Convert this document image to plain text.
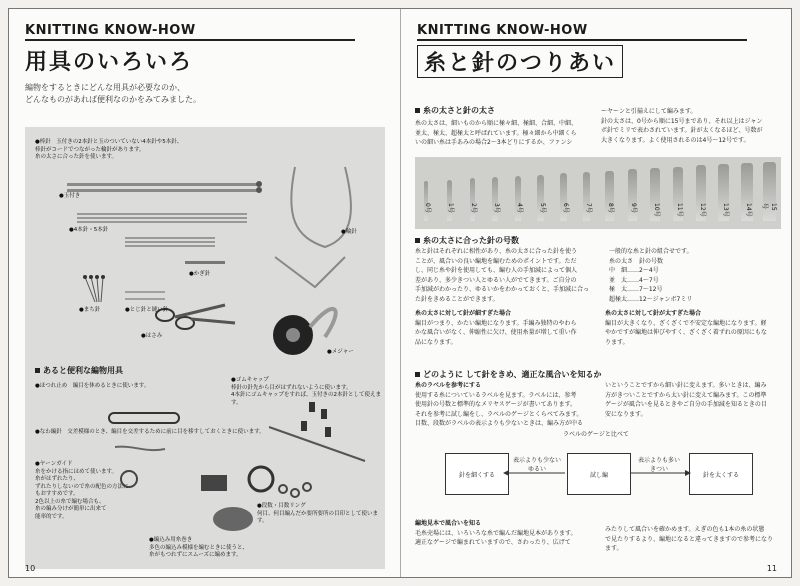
KNITTING KNOW-HOW
用具のいろいろ
編物をするときにどんな用具が必要なのか、
どんなものがあれば便利なのかをみてみました。
●棒針　玉付きの2本針と玉のついていない4本針や5本針、
棒針がコードでつながった輪針があります。
糸の太さに合った針を使います。
●玉付き
●4本針・5本針	●輪針
●かぎ針
●まち針	●とじ針と縫い針
●はさみ
●メジャー
あると便利な編物用具
●ほつれ止め　編目を休めるときに使います。
●ゴムキャップ
棒針の針先から目がはずれないように使います。
4本針にゴムキャップをすれば、玉付きの2本針として使えます。
●なわ編針　交差模様のとき、編目を交差するために前に目を移すしておくときに使います。
●ヤーンガイド
糸をかける指にはめて使います。
糸がはずれたり、
ずれたりしないので糸の配色の方法に
もおすすめです。
2色以上の糸で編む場合も、
糸の編み分けが簡単に出来て
能率的です。
●段数・目数リング
何目、何目編んだか要所要所の目印として使います。
●編込み用糸巻き
多色の編込み模様を編むときに使うと、
糸がもつれずにスムーズに編めます。
10
KNITTING KNOW-HOW
糸と針のつりあい
糸の太さと針の太さ
糸の太さは、細いものから順に極々細、極細、合細、中細、
並太、極太、超極太と呼ばれています。極々細から中細くら
いの細い糸は手あみの場合2〜3本どりにするか、ファンシ
ーヤーンと引揃えにして編みます。
針の太さは、0号から順に15号まであり、それ以上はジャン
ボ針でミリで表わされています。針が太くなるほど、号数が
大きくなります。よく使用されるのは4号〜12号です。
0号	1号	2号	3号	4号	5号	6号	7号	8号	9号	10号	11号	12号	13号	14号	15号
糸の太さに合った針の号数
糸と針はそれぞれに相性があり、糸の太さに合った針を使う
ことが、風合いの良い編地を編むためのポイントです。ただ
し、同じ糸や針を使用しても、編む人の手加減によって個人
差があり、多少きつい人とゆるい人がでてきます。ご自分の
手加減がわかったり、ゆるいかをわかっておくと、手加減に合っ
た針をきめることができます。
一般的な糸と針の組合せです。
糸の太さ　針の号数
中　細……2〜4号
並　太……4〜7号
極　太……7〜12号
超極太……12〜ジャンボ7ミリ
糸の太さに対して針が細すぎた場合
編目がつまり、かたい編地になります。手編み独特のやわら
かな風合いがなく、伸縮性に欠け、使用糸量が増して重い作
品になります。
糸の太さに対して針が太すぎた場合
編目が大きくなり、ざくざくで不安定な編地になります。軽
やかですが編地は伸びやすく、ざくざく着ずれの原因にもな
ります。
どのように して針をきめ、適正な風合いを知るか
糸のラベルを参考にする
使用する糸についているラベルを見ます。ラベルには、参考
使用針の号数と標準的なメリヤスゲージが書いてあります。
それを参考に試し編をし、ラベルのゲージとくらべてみます。
目数、段数がラベルの表示よりも少ないときは、編み方が中る
いということですから細い針に変えます。多いときは、編み
方がきついことですから太い針に変えて編みます。この標準
ゲージが風合いを見るときやご自分の手加減を知るときの目
安になります。
ラベルのゲージと比べて
針を細くする	試し編	針を太くする
表示よりも少ない
ゆるい
表示よりも多い
きつい
編地見本で風合いを知る
毛糸売場には、いろいろな糸で編んだ編地見本があります。
適正なゲージで編まれていますので、さわったり、広げて
みたりして風合いを確かめます。えぎの色も1本の糸の状態
で見たりするより、編地になると違ってきますので参考になり
ます。
11
